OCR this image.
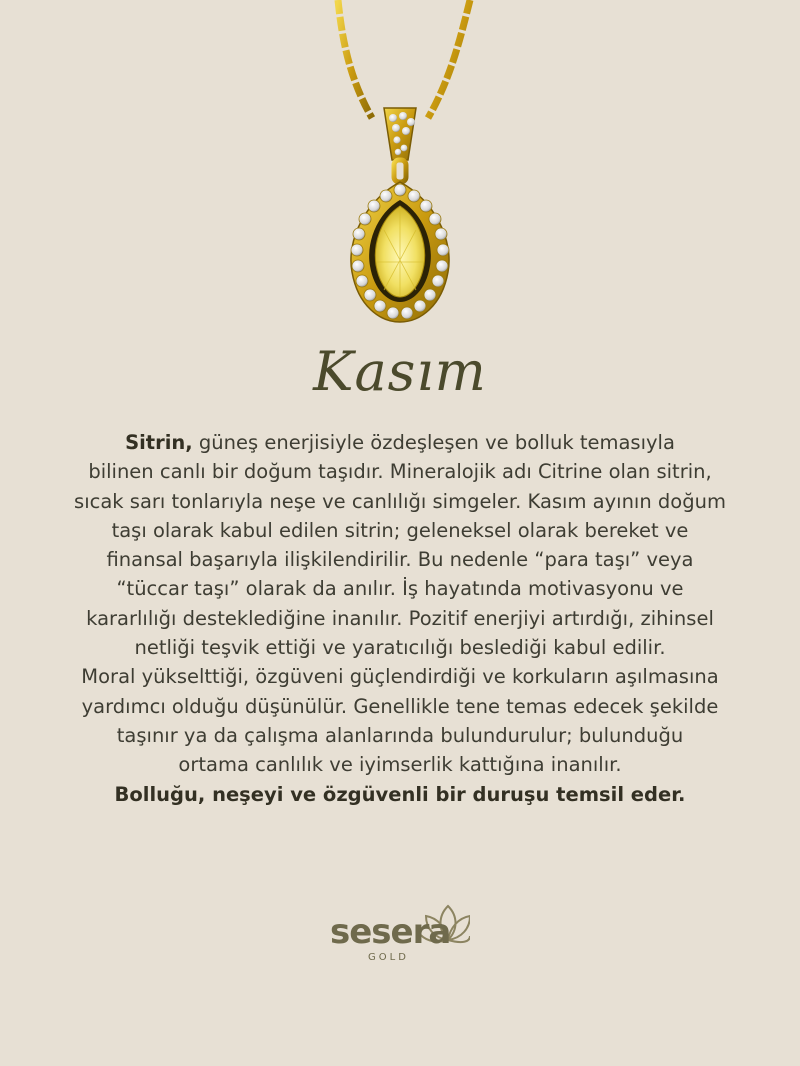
Kasım
Sitrin, güneş enerjisiyle özdeşleşen ve bolluk temasıyla
bilinen canlı bir doğum taşıdır. Mineralojik adı Citrine olan sitrin,
sıcak sarı tonlarıyla neşe ve canlılığı simgeler. Kasım ayının doğum
taşı olarak kabul edilen sitrin; geleneksel olarak bereket ve
finansal başarıyla ilişkilendirilir. Bu nedenle “para taşı” veya
“tüccar taşı” olarak da anılır. İş hayatında motivasyonu ve
kararlılığı desteklediğine inanılır. Pozitif enerjiyi artırdığı, zihinsel
netliği teşvik ettiği ve yaratıcılığı beslediği kabul edilir.
Moral yükselttiği, özgüveni güçlendirdiği ve korkuların aşılmasına
yardımcı olduğu düşünülür. Genellikle tene temas edecek şekilde
taşınır ya da çalışma alanlarında bulundurulur; bulunduğu
ortama canlılık ve iyimserlik kattığına inanılır.
Bolluğu, neşeyi ve özgüvenli bir duruşu temsil eder.
sesera
GOLD
